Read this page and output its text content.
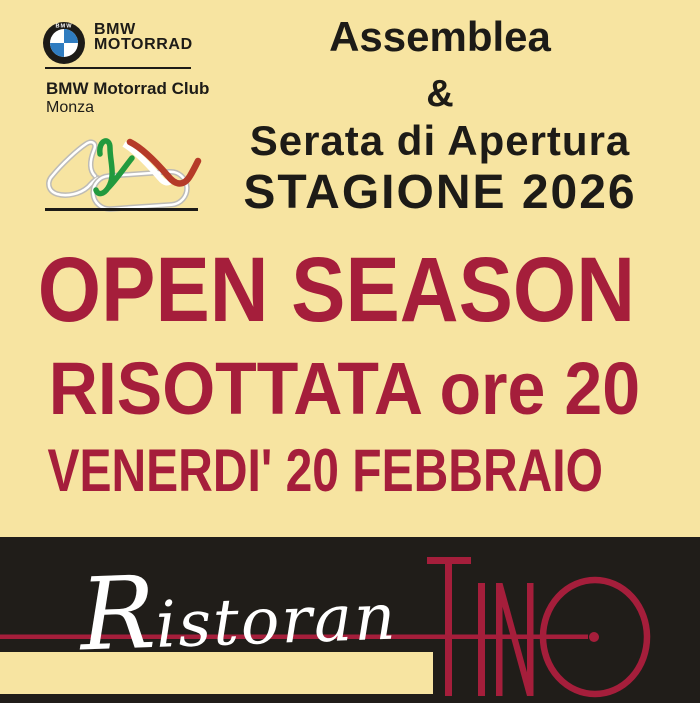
BMW BMW
MOTORRAD
BMW Motorrad Club
Monza
Assemblea
&
Serata di Apertura
STAGIONE 2026
OPEN SEASON
RISOTTATA ore 20
VENERDI' 20 FEBBRAIO
Ristoran
